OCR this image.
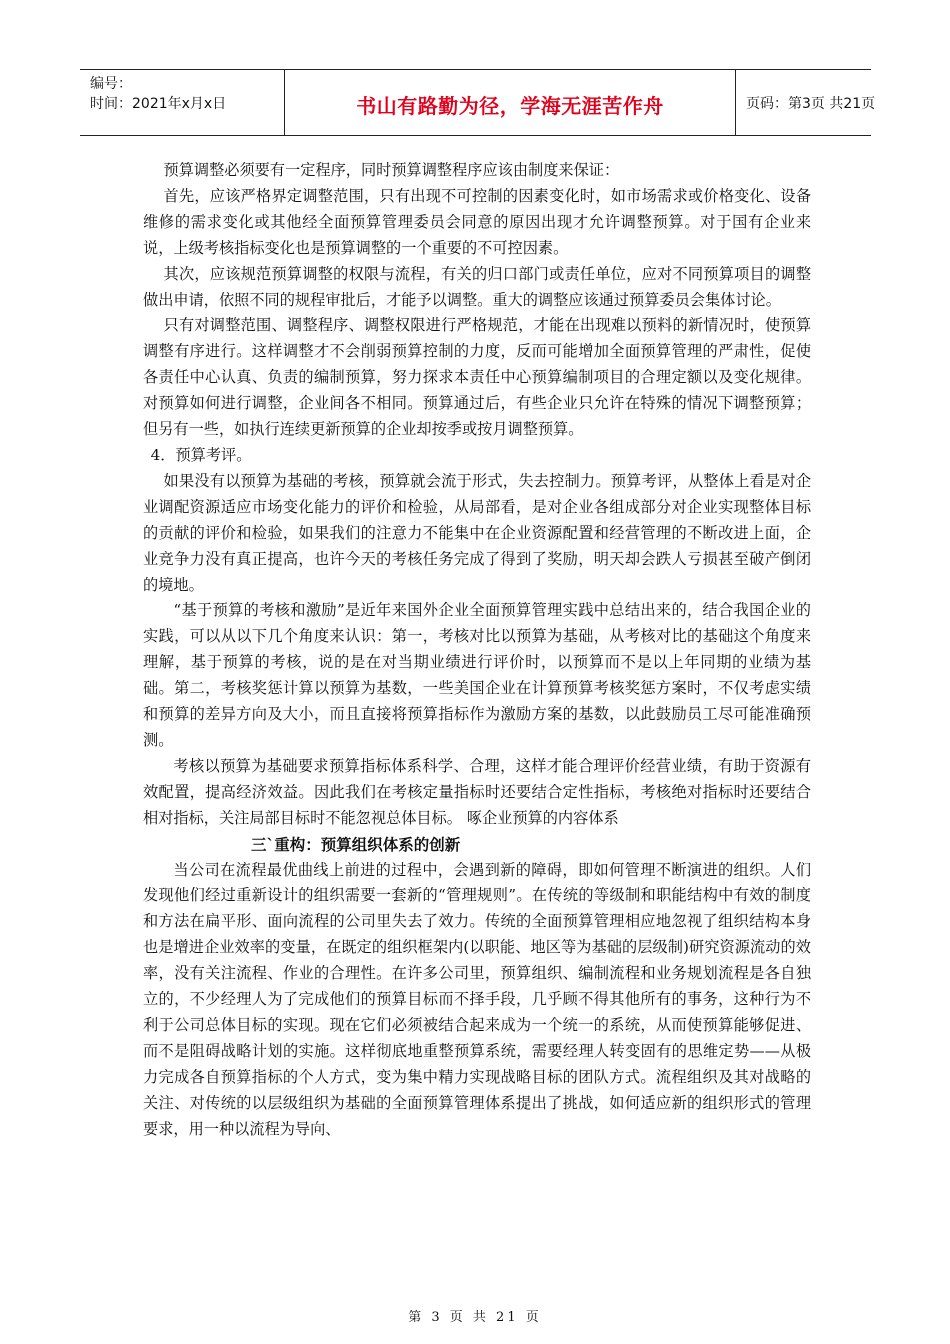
编号：
时间：2021年x月x日	书山有路勤为径，学海无涯苦作舟	页码：第3页 共21页

预算调整必须要有一定程序，同时预算调整程序应该由制度来保证：

首先，应该严格界定调整范围，只有出现不可控制的因素变化时，如市场需求或价格变化、设备维修的需求变化或其他经全面预算管理委员会同意的原因出现才允许调整预算。对于国有企业来说，上级考核指标变化也是预算调整的一个重要的不可控因素。

其次，应该规范预算调整的权限与流程，有关的归口部门或责任单位，应对不同预算项目的调整做出申请，依照不同的规程审批后，才能予以调整。重大的调整应该通过预算委员会集体讨论。

只有对调整范围、调整程序、调整权限进行严格规范，才能在出现难以预料的新情况时，使预算调整有序进行。这样调整才不会削弱预算控制的力度，反而可能增加全面预算管理的严肃性，促使各责任中心认真、负责的编制预算，努力探求本责任中心预算编制项目的合理定额以及变化规律。对预算如何进行调整，企业间各不相同。预算通过后，有些企业只允许在特殊的情况下调整预算；但另有一些，如执行连续更新预算的企业却按季或按月调整预算。

4．预算考评。

如果没有以预算为基础的考核，预算就会流于形式，失去控制力。预算考评，从整体上看是对企业调配资源适应市场变化能力的评价和检验，从局部看，是对企业各组成部分对企业实现整体目标的贡献的评价和检验，如果我们的注意力不能集中在企业资源配置和经营管理的不断改进上面，企业竞争力没有真正提高，也许今天的考核任务完成了得到了奖励，明天却会跌人亏损甚至破产倒闭的境地。

“基于预算的考核和激励”是近年来国外企业全面预算管理实践中总结出来的，结合我国企业的实践，可以从以下几个角度来认识：第一，考核对比以预算为基础，从考核对比的基础这个角度来理解，基于预算的考核，说的是在对当期业绩进行评价时，以预算而不是以上年同期的业绩为基础。第二，考核奖惩计算以预算为基数，一些美国企业在计算预算考核奖惩方案时，不仅考虑实绩和预算的差异方向及大小，而且直接将预算指标作为激励方案的基数，以此鼓励员工尽可能准确预测。

考核以预算为基础要求预算指标体系科学、合理，这样才能合理评价经营业绩，有助于资源有效配置，提高经济效益。因此我们在考核定量指标时还要结合定性指标，考核绝对指标时还要结合相对指标，关注局部目标时不能忽视总体目标。 啄企业预算的内容体系

三`重构：预算组织体系的创新

当公司在流程最优曲线上前进的过程中，会遇到新的障碍，即如何管理不断演进的组织。人们发现他们经过重新设计的组织需要一套新的“管理规则”。在传统的等级制和职能结构中有效的制度和方法在扁平形、面向流程的公司里失去了效力。传统的全面预算管理相应地忽视了组织结构本身也是增进企业效率的变量，在既定的组织框架内(以职能、地区等为基础的层级制)研究资源流动的效率，没有关注流程、作业的合理性。在许多公司里，预算组织、编制流程和业务规划流程是各自独立的，不少经理人为了完成他们的预算目标而不择手段，几乎顾不得其他所有的事务，这种行为不利于公司总体目标的实现。现在它们必须被结合起来成为一个统一的系统，从而使预算能够促进、而不是阻碍战略计划的实施。这样彻底地重整预算系统，需要经理人转变固有的思维定势——从极力完成各自预算指标的个人方式，变为集中精力实现战略目标的团队方式。流程组织及其对战略的关注、对传统的以层级组织为基础的全面预算管理体系提出了挑战，如何适应新的组织形式的管理要求，用一种以流程为导向、

第 3 页 共 21 页
